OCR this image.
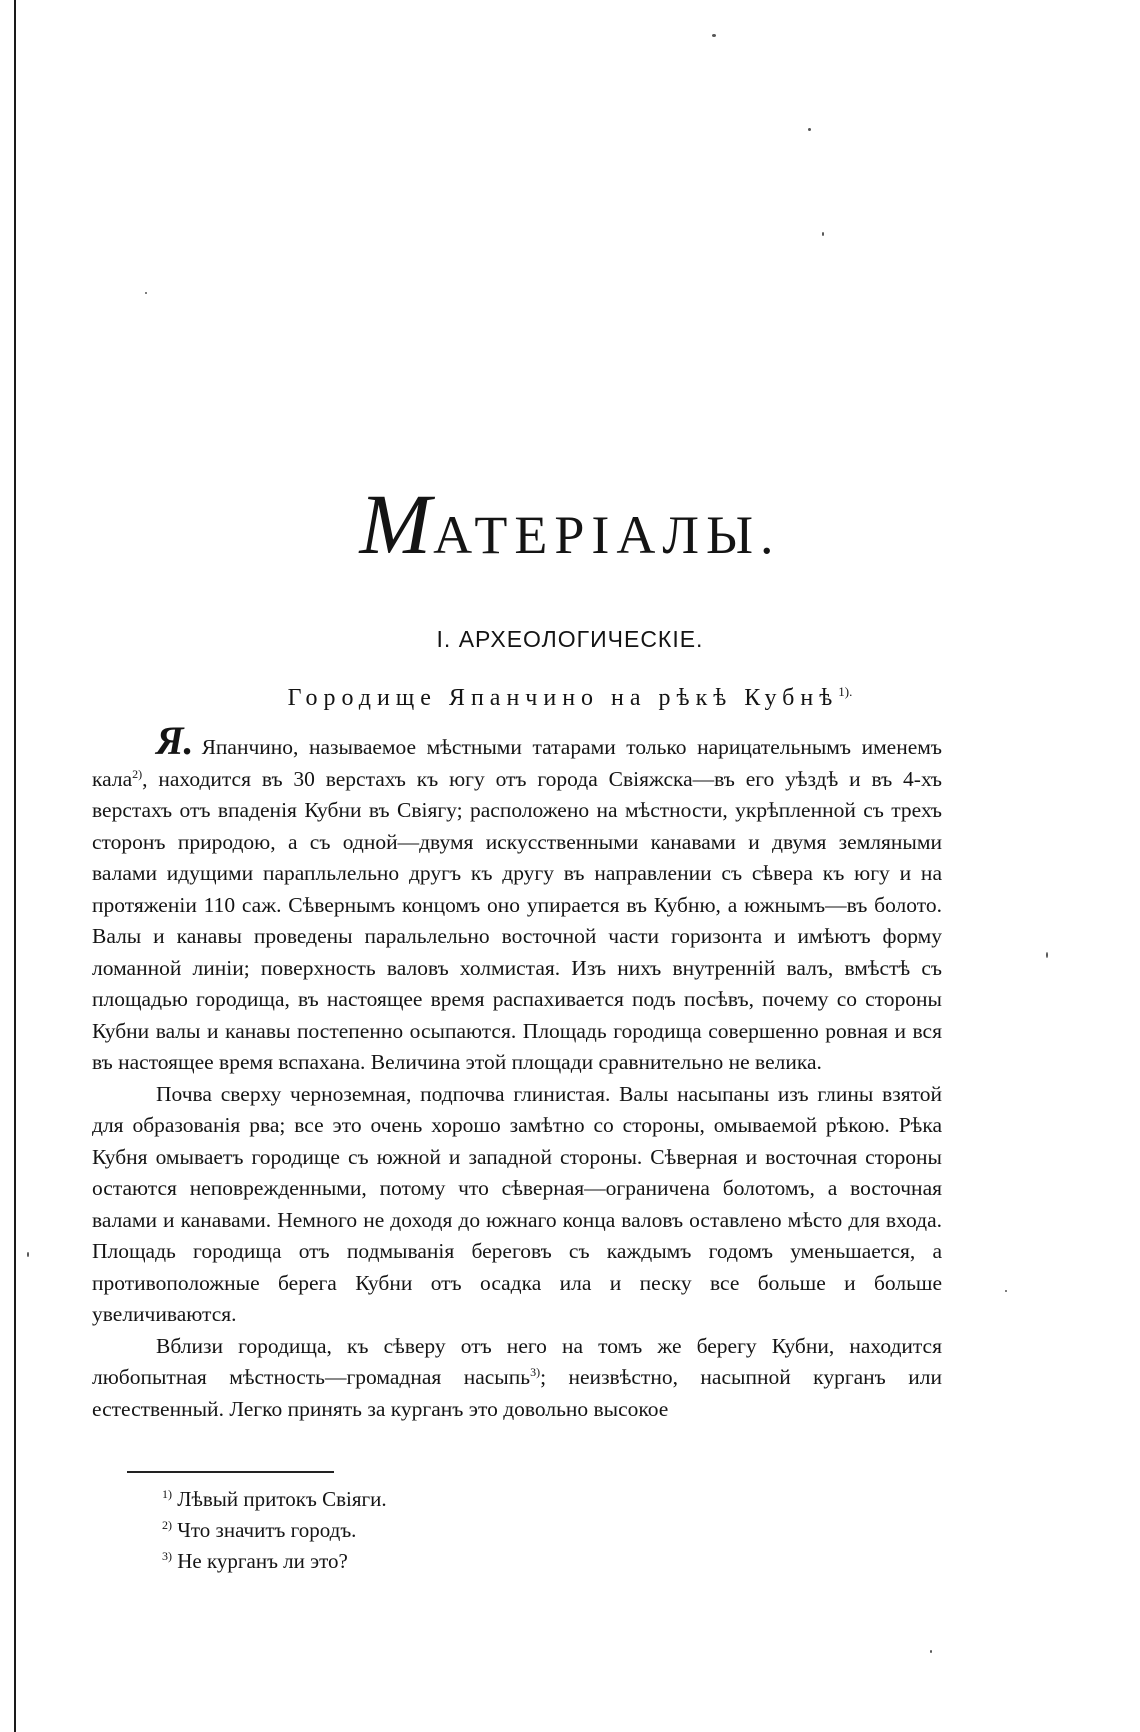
МАТЕРІАЛЫ.
I. АРХЕОЛОГИЧЕСКІЕ.
Городище Япанчино на рѣкѣ Кубнѣ$^{1).}$

Я. Япанчино, называемое мѣстными татарами только нарицательнымъ именемъ кала$^{2)}$, находится въ 30 верстахъ къ югу отъ города Свіяжска—въ его уѣздѣ и въ 4-хъ верстахъ отъ впаденія Кубни въ Свіягу; расположено на мѣстности, укрѣпленной съ трехъ сторонъ природою, а съ одной—двумя искусственными канавами и двумя земляными валами идущими парапльлельно другъ къ другу въ направлении съ сѣвера къ югу и на протяженіи 110 саж. Сѣвернымъ концомъ оно упирается въ Кубню, а южнымъ—въ болото. Валы и канавы проведены паральлельно восточной части горизонта и имѣютъ форму ломанной линіи; поверхность валовъ холмистая. Изъ нихъ внутренній валъ, вмѣстѣ съ площадью городища, въ настоящее время распахивается подъ посѣвъ, почему со стороны Кубни валы и канавы постепенно осыпаются. Площадь городища совершенно ровная и вся въ настоящее время вспахана. Величина этой площади сравнительно не велика.

Почва сверху черноземная, подпочва глинистая. Валы насыпаны изъ глины взятой для образованія рва; все это очень хорошо замѣтно со стороны, омываемой рѣкою. Рѣка Кубня омываетъ городище съ южной и западной стороны. Сѣверная и восточная стороны остаются неповрежденными, потому что сѣверная—ограничена болотомъ, а восточная валами и канавами. Немного не доходя до южнаго конца валовъ оставлено мѣсто для входа. Площадь городища отъ подмыванія береговъ съ каждымъ годомъ уменьшается, а противоположные берега Кубни отъ осадка ила и песку все больше и больше увеличиваются.

Вблизи городища, къ сѣверу отъ него на томъ же берегу Кубни, находится любопытная мѣстность—громадная насыпь$^{3)}$; неизвѣстно, насыпной курганъ или естественный. Легко принять за курганъ это довольно высокое

$^{1)}$ Лѣвый притокъ Свіяги.
$^{2)}$ Что значитъ городъ.
$^{3)}$ Не курганъ ли это?
